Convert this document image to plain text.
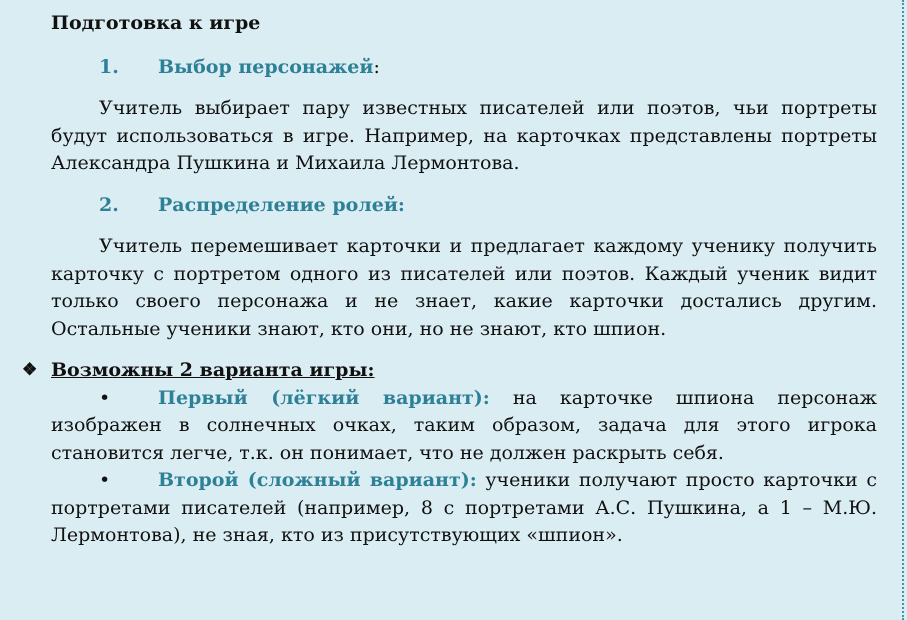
Подготовка к игре
1. Выбор персонажей:

Учитель выбирает пару известных писателей или поэтов, чьи портреты будут использоваться в игре. Например, на карточках представлены портреты Александра Пушкина и Михаила Лермонтова.

2. Распределение ролей:

Учитель перемешивает карточки и предлагает каждому ученику получить карточку с портретом одного из писателей или поэтов. Каждый ученик видит только своего персонажа и не знает, какие карточки достались другим. Остальные ученики знают, кто они, но не знают, кто шпион.

❖ Возможны 2 варианта игры:

•	Первый (лёгкий вариант): на карточке шпиона персонаж изображен в солнечных очках, таким образом, задача для этого игрока становится легче, т.к. он понимает, что не должен раскрыть себя.

•	Второй (сложный вариант): ученики получают просто карточки с портретами писателей (например, 8 с портретами А.С. Пушкина, а 1 – М.Ю. Лермонтова), не зная, кто из присутствующих «шпион».
